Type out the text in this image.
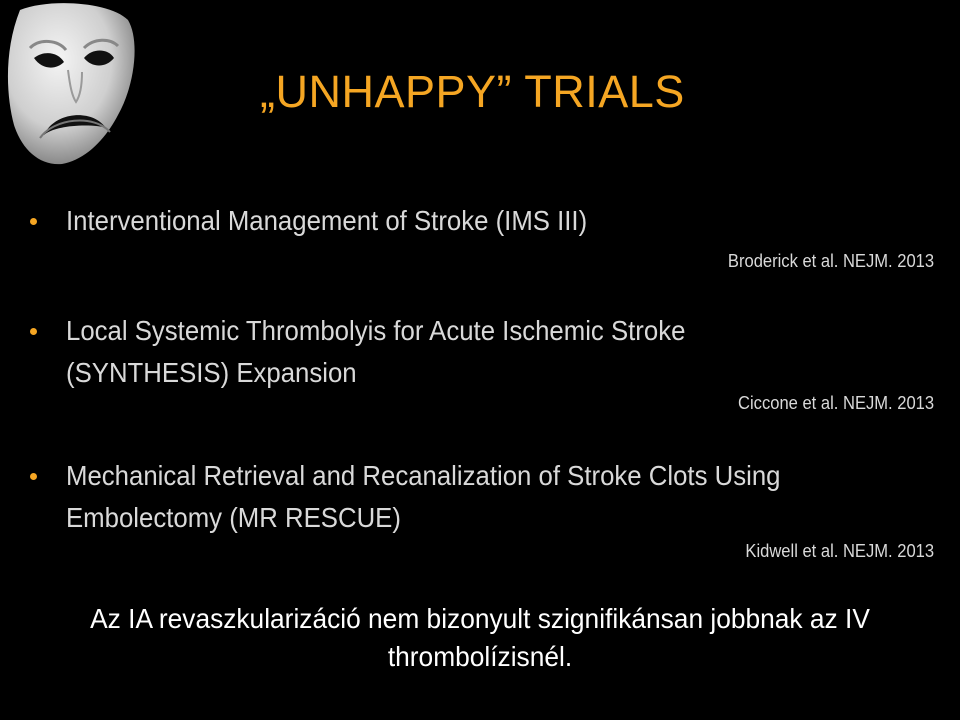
„UNHAPPY” TRIALS
Interventional Management of Stroke (IMS III)
Broderick et al. NEJM. 2013
Local Systemic Thrombolyis for Acute Ischemic Stroke (SYNTHESIS) Expansion
Ciccone et al. NEJM. 2013
Mechanical Retrieval and Recanalization of Stroke Clots Using Embolectomy (MR RESCUE)
Kidwell et al. NEJM. 2013
Az IA revaszkularizáció nem bizonyult szignifikánsan jobbnak az IV thrombolízisnél.
